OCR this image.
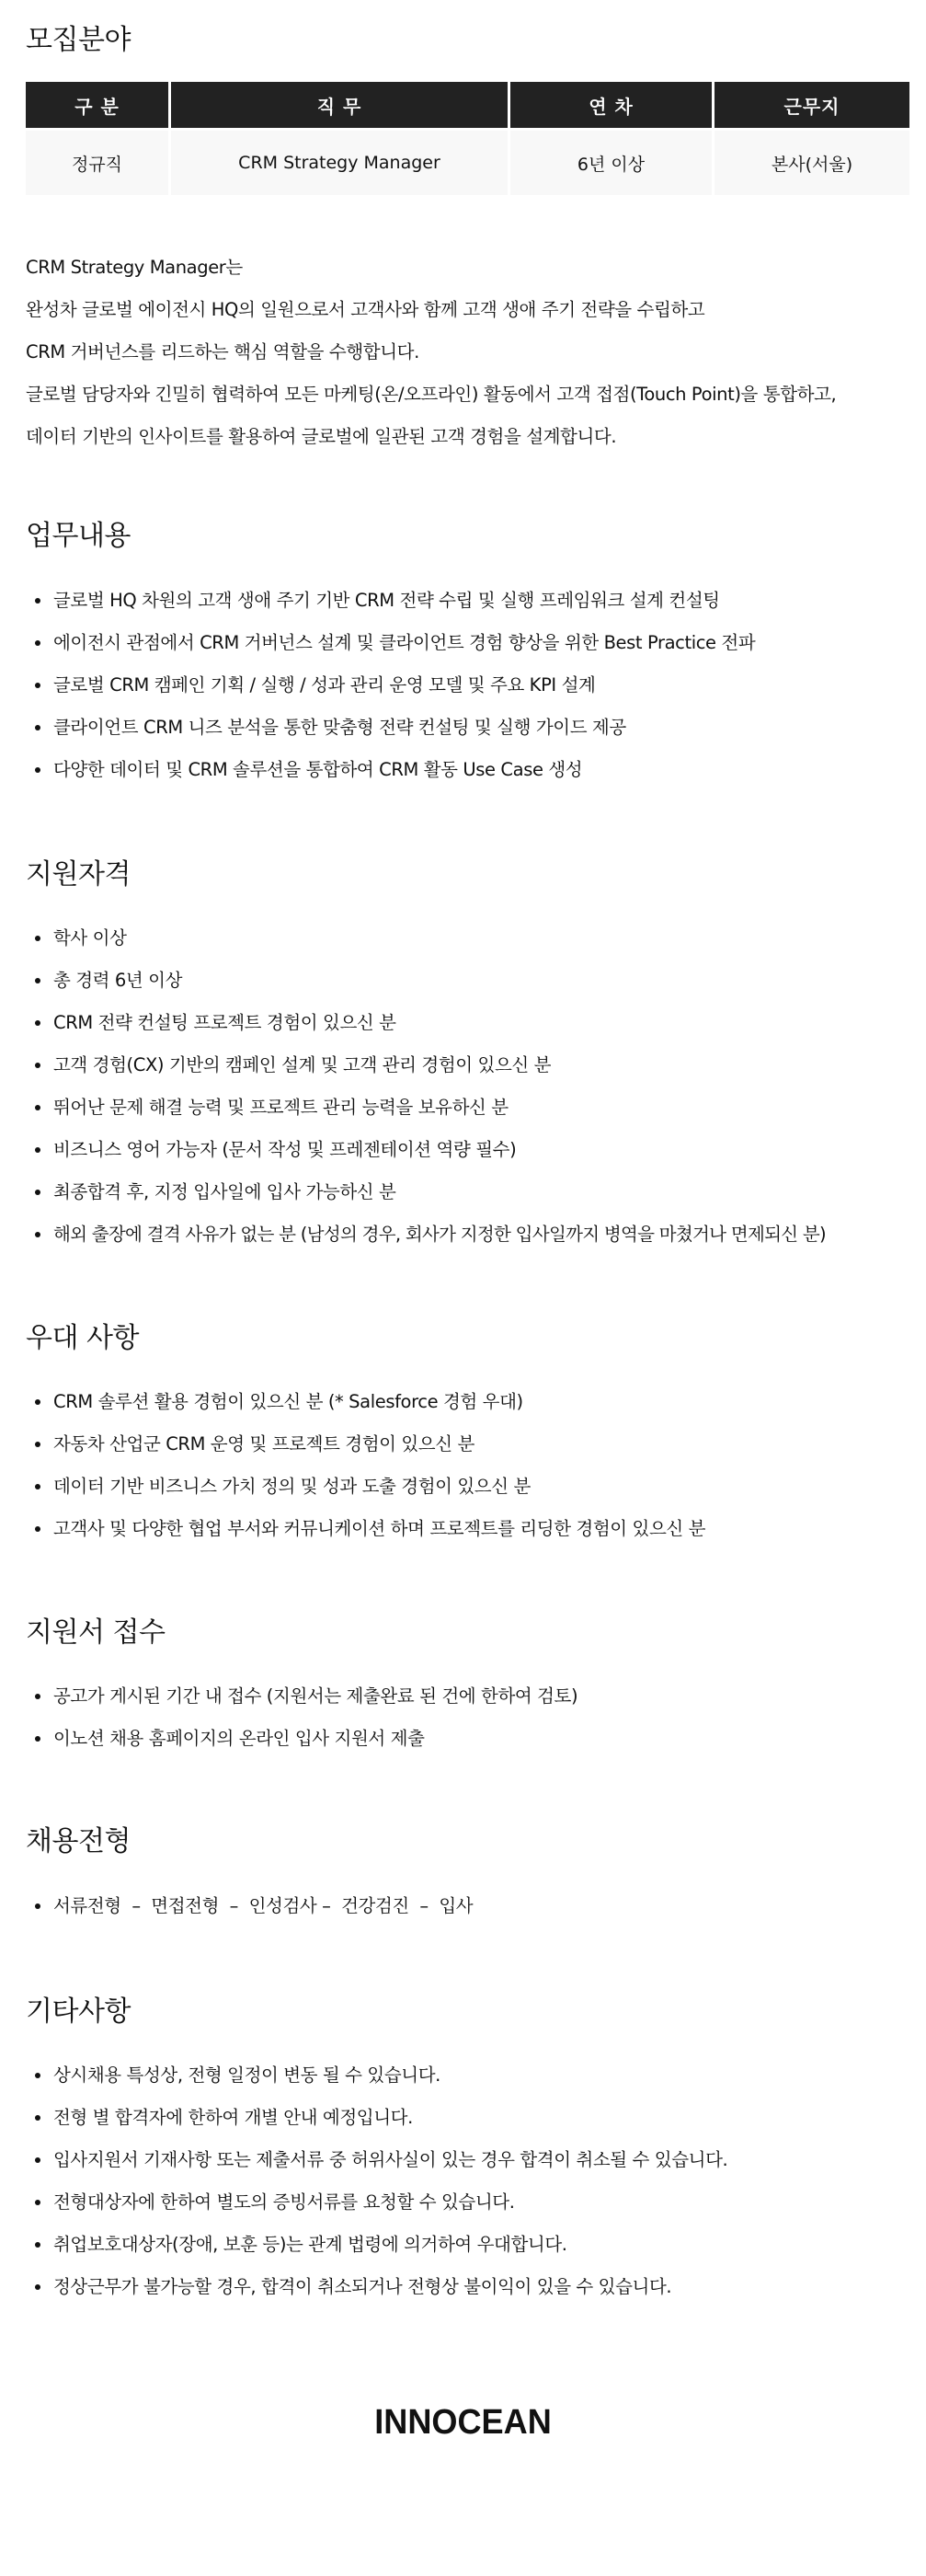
모집분야
구 분	직 무	연 차	근무지
정규직	CRM Strategy Manager	6년 이상	본사(서울)

CRM Strategy Manager는

완성차 글로벌 에이전시 HQ의 일원으로서 고객사와 함께 고객 생애 주기 전략을 수립하고

CRM 거버넌스를 리드하는 핵심 역할을 수행합니다.

글로벌 담당자와 긴밀히 협력하여 모든 마케팅(온/오프라인) 활동에서 고객 접점(Touch Point)을 통합하고,

데이터 기반의 인사이트를 활용하여 글로벌에 일관된 고객 경험을 설계합니다.

업무내용
글로벌 HQ 차원의 고객 생애 주기 기반 CRM 전략 수립 및 실행 프레임워크 설계 컨설팅
에이전시 관점에서 CRM 거버넌스 설계 및 클라이언트 경험 향상을 위한 Best Practice 전파
글로벌 CRM 캠페인 기획 / 실행 / 성과 관리 운영 모델 및 주요 KPI 설계
클라이언트 CRM 니즈 분석을 통한 맞춤형 전략 컨설팅 및 실행 가이드 제공
다양한 데이터 및 CRM 솔루션을 통합하여 CRM 활동 Use Case 생성
지원자격
학사 이상
총 경력 6년 이상
CRM 전략 컨설팅 프로젝트 경험이 있으신 분
고객 경험(CX) 기반의 캠페인 설계 및 고객 관리 경험이 있으신 분
뛰어난 문제 해결 능력 및 프로젝트 관리 능력을 보유하신 분
비즈니스 영어 가능자 (문서 작성 및 프레젠테이션 역량 필수)
최종합격 후, 지정 입사일에 입사 가능하신 분
해외 출장에 결격 사유가 없는 분 (남성의 경우, 회사가 지정한 입사일까지 병역을 마쳤거나 면제되신 분)
우대 사항
CRM 솔루션 활용 경험이 있으신 분 (* Salesforce 경험 우대)
자동차 산업군 CRM 운영 및 프로젝트 경험이 있으신 분
데이터 기반 비즈니스 가치 정의 및 성과 도출 경험이 있으신 분
고객사 및 다양한 협업 부서와 커뮤니케이션 하며 프로젝트를 리딩한 경험이 있으신 분
지원서 접수
공고가 게시된 기간 내 접수 (지원서는 제출완료 된 건에 한하여 검토)
이노션 채용 홈페이지의 온라인 입사 지원서 제출
채용전형
서류전형  –  면접전형  –  인성검사 –  건강검진  –  입사
기타사항
상시채용 특성상, 전형 일정이 변동 될 수 있습니다.
전형 별 합격자에 한하여 개별 안내 예정입니다.
입사지원서 기재사항 또는 제출서류 중 허위사실이 있는 경우 합격이 취소될 수 있습니다.
전형대상자에 한하여 별도의 증빙서류를 요청할 수 있습니다.
취업보호대상자(장애, 보훈 등)는 관계 법령에 의거하여 우대합니다.
정상근무가 불가능할 경우, 합격이 취소되거나 전형상 불이익이 있을 수 있습니다.
INNOCEAN
